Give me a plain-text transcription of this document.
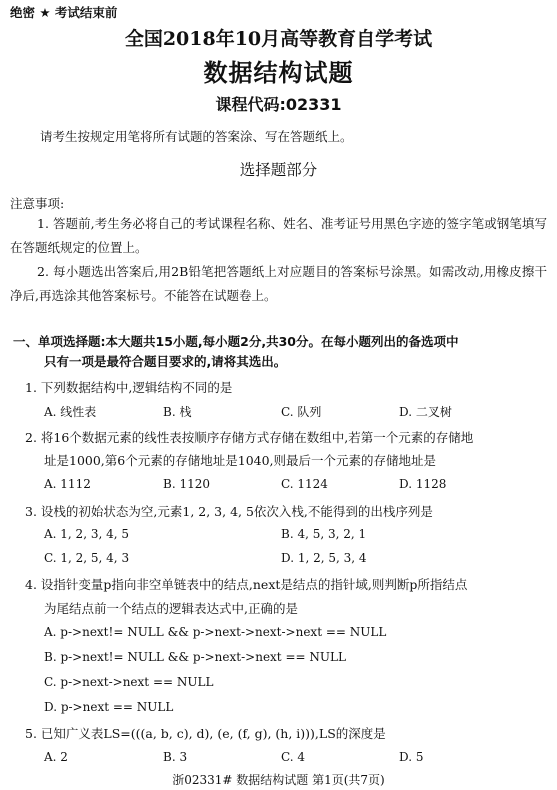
绝密 ★ 考试结束前
全国2018年10月高等教育自学考试
数据结构试题
课程代码:02331
请考生按规定用笔将所有试题的答案涂、写在答题纸上。
选择题部分
注意事项:
1. 答题前,考生务必将自己的考试课程名称、姓名、准考证号用黑色字迹的签字笔或钢笔填写在答题纸规定的位置上。
2. 每小题选出答案后,用2B铅笔把答题纸上对应题目的答案标号涂黑。如需改动,用橡皮擦干净后,再选涂其他答案标号。不能答在试题卷上。
一、单项选择题:本大题共15小题,每小题2分,共30分。在每小题列出的备选项中
只有一项是最符合题目要求的,请将其选出。
1. 下列数据结构中,逻辑结构不同的是
A. 线性表	B. 栈	C. 队列	D. 二叉树
2. 将16个数据元素的线性表按顺序存储方式存储在数组中,若第一个元素的存储地
址是1000,第6个元素的存储地址是1040,则最后一个元素的存储地址是
A. 1112	B. 1120	C. 1124	D. 1128
3. 设栈的初始状态为空,元素1, 2, 3, 4, 5依次入栈,不能得到的出栈序列是
A. 1, 2, 3, 4, 5	B. 4, 5, 3, 2, 1
C. 1, 2, 5, 4, 3	D. 1, 2, 5, 3, 4
4. 设指针变量p指向非空单链表中的结点,next是结点的指针域,则判断p所指结点
为尾结点前一个结点的逻辑表达式中,正确的是
A. p->next!= NULL && p->next->next->next == NULL
B. p->next!= NULL && p->next->next == NULL
C. p->next->next == NULL
D. p->next == NULL
5. 已知广义表LS=(((a, b, c), d), (e, (f, g), (h, i))),LS的深度是
A. 2	B. 3	C. 4	D. 5
浙02331# 数据结构试题 第1页(共7页)
